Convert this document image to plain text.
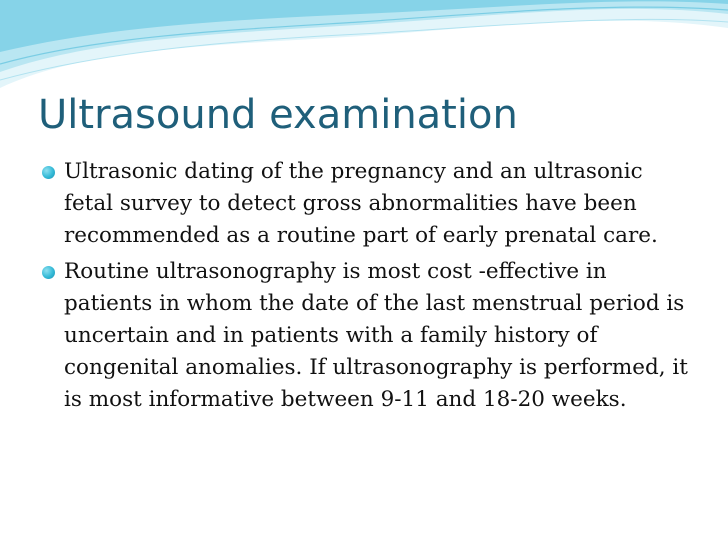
Ultrasound examination
Ultrasonic dating of the pregnancy and an ultrasonic fetal survey to detect gross abnormalities have been recommended as a routine part of early prenatal care.
Routine ultrasonography is most cost -effective in patients in whom the date of the last menstrual period is uncertain and in patients with a family history of congenital anomalies. If ultrasonography is performed, it is most informative between 9-11 and 18-20 weeks.
